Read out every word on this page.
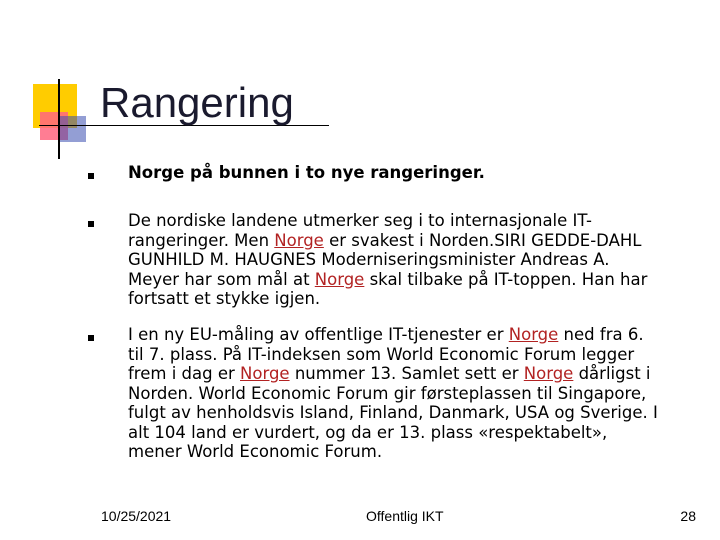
Rangering
Norge på bunnen i to nye rangeringer.
De nordiske landene utmerker seg i to internasjonale IT-
rangeringer. Men Norge er svakest i Norden.SIRI GEDDE-DAHL
GUNHILD M. HAUGNES Moderniseringsminister Andreas A.
Meyer har som mål at Norge skal tilbake på IT-toppen. Han har
fortsatt et stykke igjen.
I en ny EU-måling av offentlige IT-tjenester er Norge ned fra 6.
til 7. plass. På IT-indeksen som World Economic Forum legger
frem i dag er Norge nummer 13. Samlet sett er Norge dårligst i
Norden. World Economic Forum gir førsteplassen til Singapore,
fulgt av henholdsvis Island, Finland, Danmark, USA og Sverige. I
alt 104 land er vurdert, og da er 13. plass «respektabelt»,
mener World Economic Forum.
10/25/2021	Offentlig IKT	28
